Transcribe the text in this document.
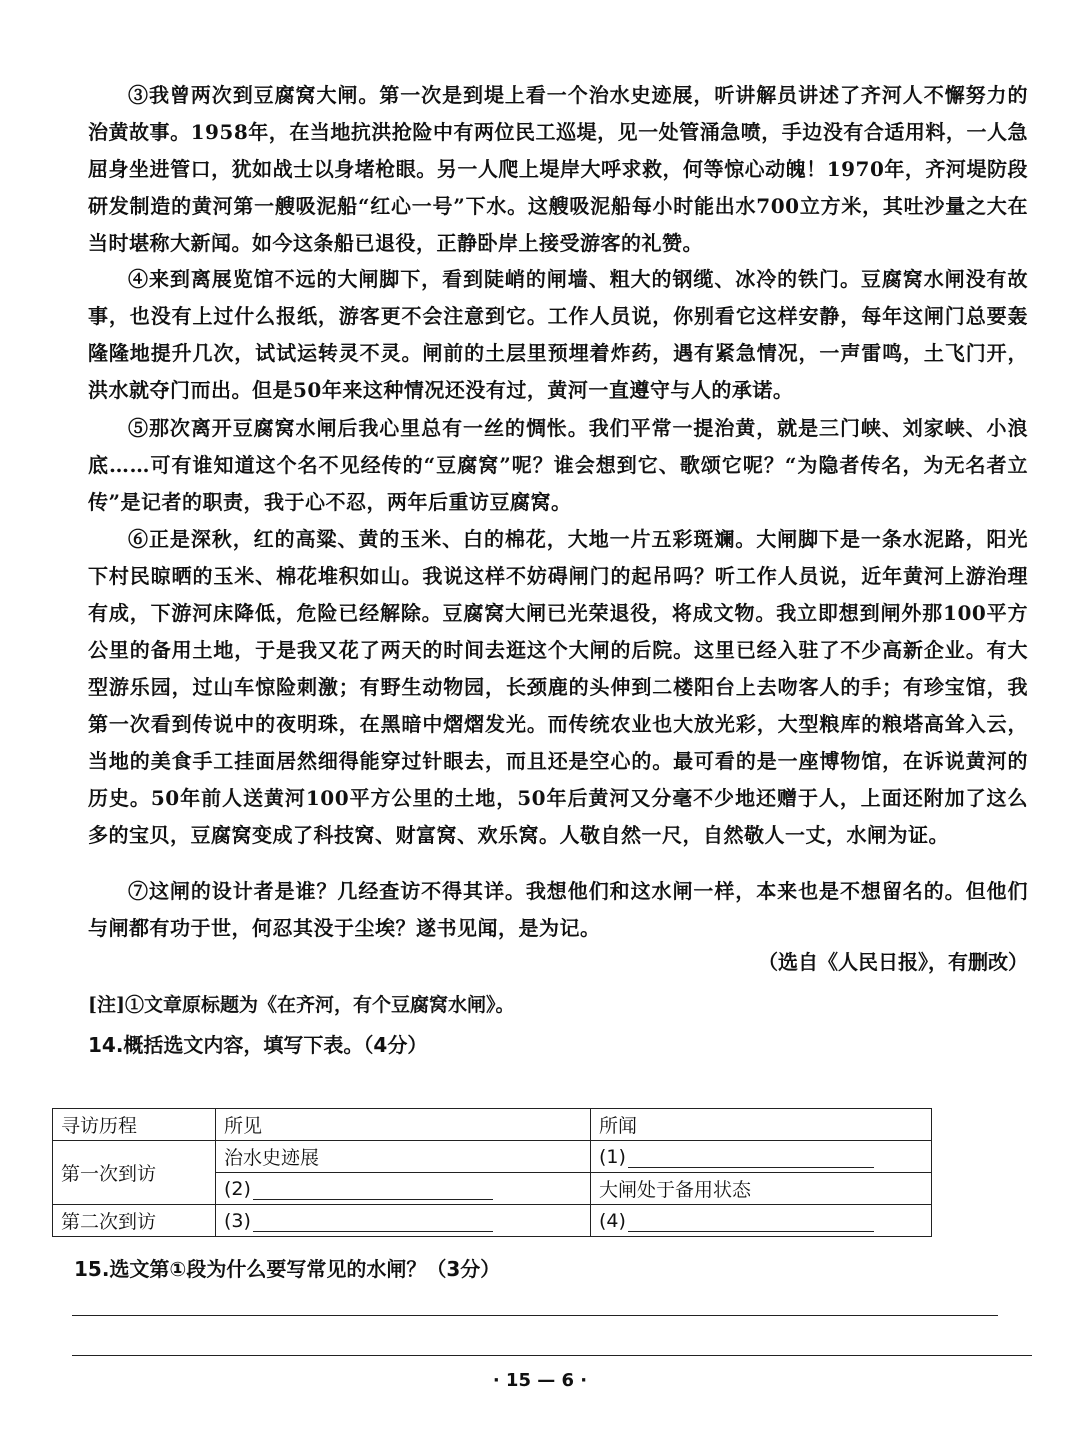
③我曾两次到豆腐窝大闸。第一次是到堤上看一个治水史迹展，听讲解员讲述了齐河人不懈努力的治黄故事。1958年，在当地抗洪抢险中有两位民工巡堤，见一处管涌急喷，手边没有合适用料，一人急屈身坐进管口，犹如战士以身堵枪眼。另一人爬上堤岸大呼求救，何等惊心动魄！1970年，齐河堤防段研发制造的黄河第一艘吸泥船“红心一号”下水。这艘吸泥船每小时能出水700立方米，其吐沙量之大在当时堪称大新闻。如今这条船已退役，正静卧岸上接受游客的礼赞。

④来到离展览馆不远的大闸脚下，看到陡峭的闸墙、粗大的钢缆、冰冷的铁门。豆腐窝水闸没有故事，也没有上过什么报纸，游客更不会注意到它。工作人员说，你别看它这样安静，每年这闸门总要轰隆隆地提升几次，试试运转灵不灵。闸前的土层里预埋着炸药，遇有紧急情况，一声雷鸣，土飞门开，洪水就夺门而出。但是50年来这种情况还没有过，黄河一直遵守与人的承诺。

⑤那次离开豆腐窝水闸后我心里总有一丝的惆怅。我们平常一提治黄，就是三门峡、刘家峡、小浪底……可有谁知道这个名不见经传的“豆腐窝”呢？谁会想到它、歌颂它呢？“为隐者传名，为无名者立传”是记者的职责，我于心不忍，两年后重访豆腐窝。

⑥正是深秋，红的高粱、黄的玉米、白的棉花，大地一片五彩斑斓。大闸脚下是一条水泥路，阳光下村民晾晒的玉米、棉花堆积如山。我说这样不妨碍闸门的起吊吗？听工作人员说，近年黄河上游治理有成，下游河床降低，危险已经解除。豆腐窝大闸已光荣退役，将成文物。我立即想到闸外那100平方公里的备用土地，于是我又花了两天的时间去逛这个大闸的后院。这里已经入驻了不少高新企业。有大型游乐园，过山车惊险刺激；有野生动物园，长颈鹿的头伸到二楼阳台上去吻客人的手；有珍宝馆，我第一次看到传说中的夜明珠，在黑暗中熠熠发光。而传统农业也大放光彩，大型粮库的粮塔高耸入云，当地的美食手工挂面居然细得能穿过针眼去，而且还是空心的。最可看的是一座博物馆，在诉说黄河的历史。50年前人送黄河100平方公里的土地，50年后黄河又分毫不少地还赠于人，上面还附加了这么多的宝贝，豆腐窝变成了科技窝、财富窝、欢乐窝。人敬自然一尺，自然敬人一丈，水闸为证。

⑦这闸的设计者是谁？几经查访不得其详。我想他们和这水闸一样，本来也是不想留名的。但他们与闸都有功于世，何忍其没于尘埃？遂书见闻，是为记。

（选自《人民日报》，有删改）
[注]①文章原标题为《在齐河，有个豆腐窝水闸》。
14.概括选文内容，填写下表。（4分）
寻访历程	所见	所闻
第一次到访	治水史迹展	(1)
	(2)	大闸处于备用状态
第二次到访	(3)	(4)
15.选文第①段为什么要写常见的水闸？（3分）
· 15 — 6 ·
